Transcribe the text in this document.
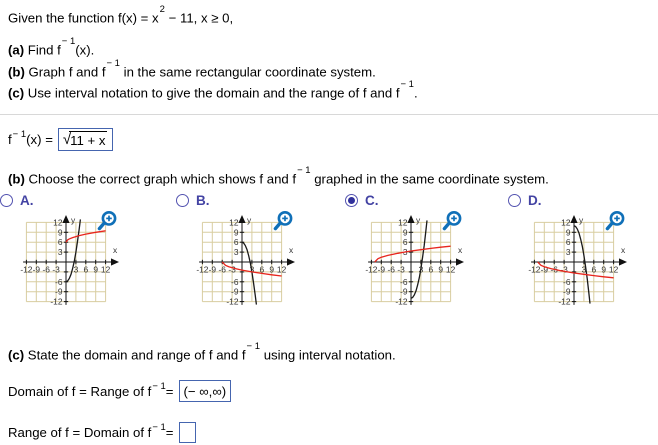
Given the function $f(x) = x^2 - 11$, x ≥ 0,

(a) Find $f^{- 1}(x)$.

(b) Graph f and $f^{- 1}$ in the same rectangular coordinate system.

(c) Use interval notation to give the domain and the range of f and $f^{- 1}$.

$f^{- 1}$ (x) = √ 11 + x

(b) Choose the correct graph which shows f and $f^{- 1}$ graphed in the same coordinate system.

A.
-12
-12
-9
-9
-6
-6
-3 3
3
6
6
9
9
12
12
x
y
B.
-12
-12
-9
-9
-6
-6
-3 3
3
6
6
9
9
12
12
x
y
C.
-12
-12
-9
-9
-6
-6
-3 3
3
6
6
9
9
12
12
x
y
D.
-12
-12
-9
-9
-6
-6
-3 3
3
6
6
9
9
12
12
x
y

(c) State the domain and range of f and $f^{- 1}$ using interval notation.

Domain of f = Range of $f^{- 1}$ = (− ∞,∞)
Range of f = Domain of $f^{- 1}$ =
